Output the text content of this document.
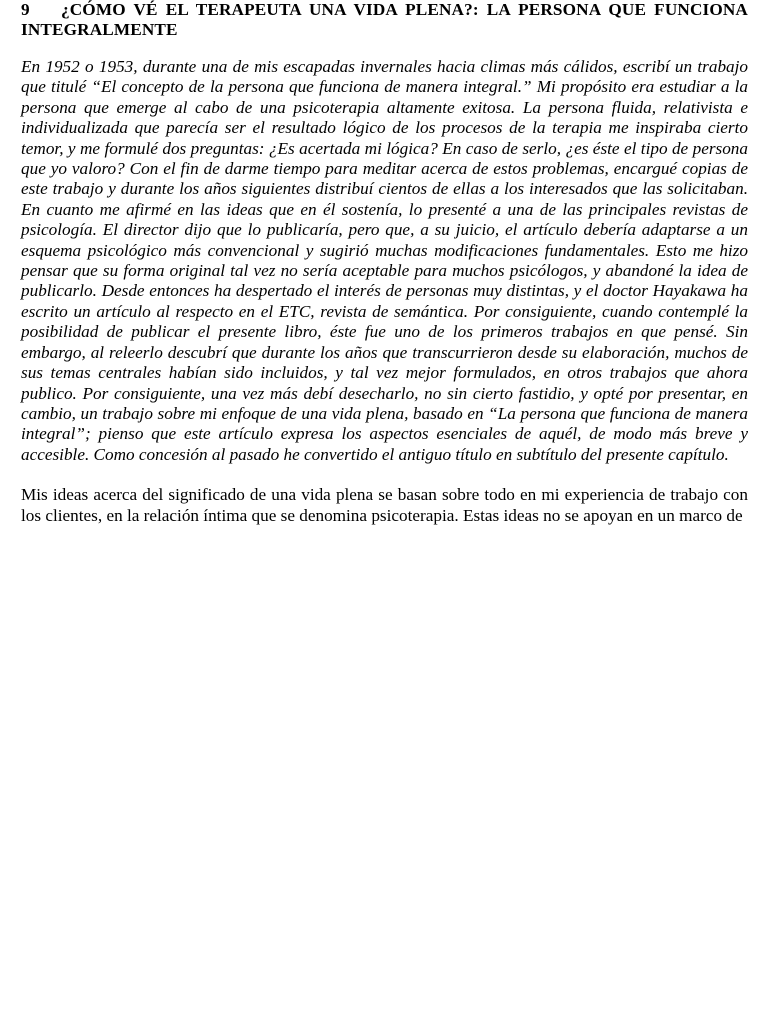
9 ¿CÓMO VÉ EL TERAPEUTA UNA VIDA PLENA?: LA PERSONA QUE FUNCIONA INTEGRALMENTE

En 1952 o 1953, durante una de mis escapadas invernales hacia climas más cálidos, escribí un trabajo que titulé “El concepto de la persona que funciona de manera integral.” Mi propósito era estudiar a la persona que emerge al cabo de una psicoterapia altamente exitosa. La persona fluida, relativista e individualizada que parecía ser el resultado lógico de los procesos de la terapia me inspiraba cierto temor, y me formulé dos preguntas: ¿Es acertada mi lógica? En caso de serlo, ¿es éste el tipo de persona que yo valoro? Con el fin de darme tiempo para meditar acerca de estos problemas, encargué copias de este trabajo y durante los años siguientes distribuí cientos de ellas a los interesados que las solicitaban. En cuanto me afirmé en las ideas que en él sostenía, lo presenté a una de las principales revistas de psicología. El director dijo que lo publicaría, pero que, a su juicio, el artículo debería adaptarse a un esquema psicológico más convencional y sugirió muchas modificaciones fundamentales. Esto me hizo pensar que su forma original tal vez no sería aceptable para muchos psicólogos, y abandoné la idea de publicarlo. Desde entonces ha despertado el interés de personas muy distintas, y el doctor Hayakawa ha escrito un artículo al respecto en el ETC, revista de semántica. Por consiguiente, cuando contemplé la posibilidad de publicar el presente libro, éste fue uno de los primeros trabajos en que pensé. Sin embargo, al releerlo descubrí que durante los años que transcurrieron desde su elaboración, muchos de sus temas centrales habían sido incluidos, y tal vez mejor formulados, en otros trabajos que ahora publico. Por consiguiente, una vez más debí desecharlo, no sin cierto fastidio, y opté por presentar, en cambio, un trabajo sobre mi enfoque de una vida plena, basado en “La persona que funciona de manera integral”; pienso que este artículo expresa los aspectos esenciales de aquél, de modo más breve y accesible. Como concesión al pasado he convertido el antiguo título en subtítulo del presente capítulo.

Mis ideas acerca del significado de una vida plena se basan sobre todo en mi experiencia de trabajo con los clientes, en la relación íntima que se denomina psicoterapia. Estas ideas no se apoyan en un marco de
